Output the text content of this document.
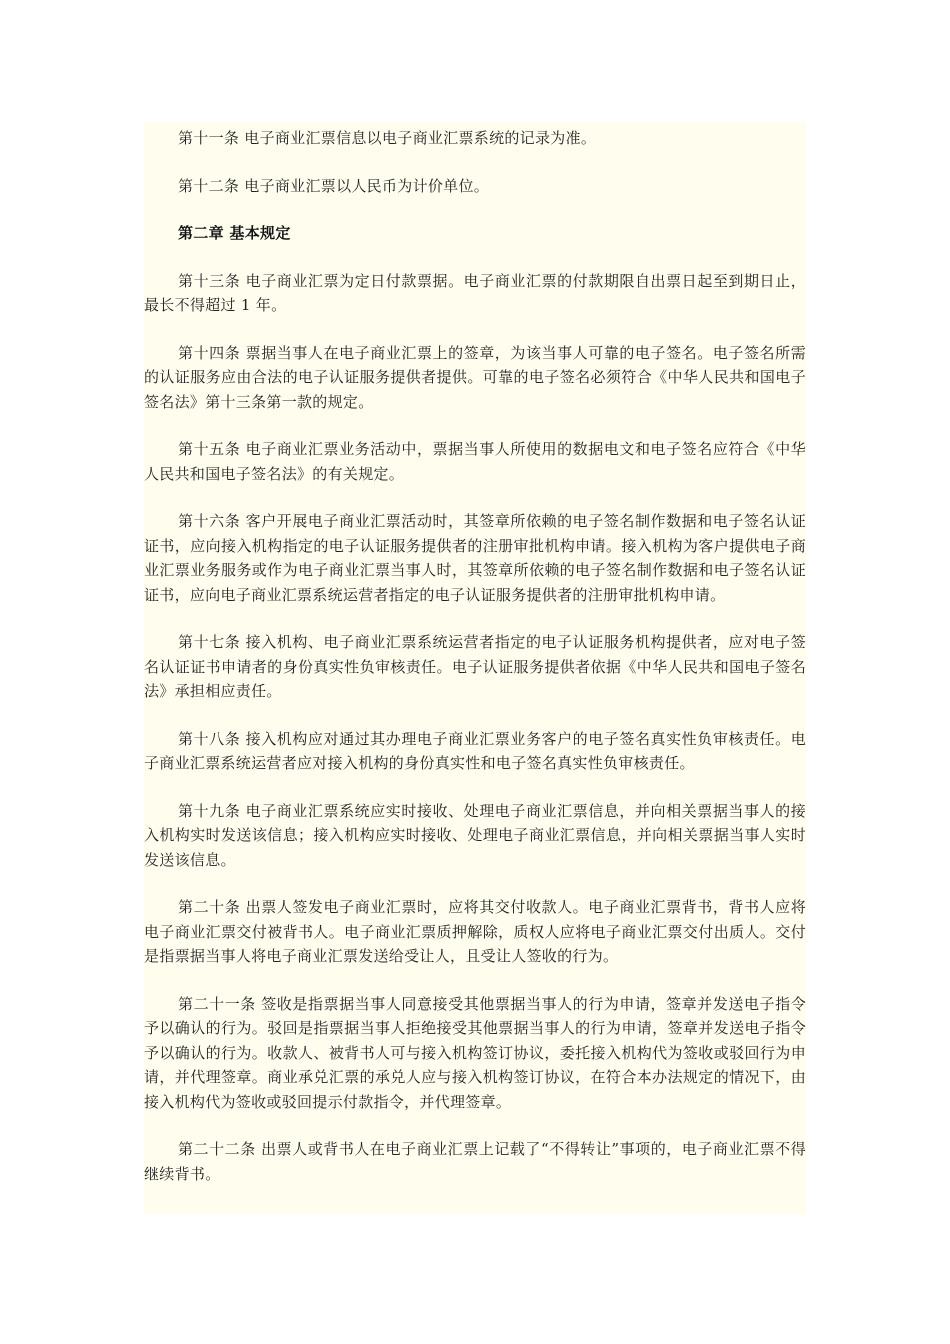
第十一条 电子商业汇票信息以电子商业汇票系统的记录为准。

第十二条 电子商业汇票以人民币为计价单位。

第二章 基本规定

第十三条 电子商业汇票为定日付款票据。电子商业汇票的付款期限自出票日起至到期日止，最长不得超过 1 年。

第十四条 票据当事人在电子商业汇票上的签章，为该当事人可靠的电子签名。电子签名所需的认证服务应由合法的电子认证服务提供者提供。可靠的电子签名必须符合《中华人民共和国电子签名法》第十三条第一款的规定。

第十五条 电子商业汇票业务活动中，票据当事人所使用的数据电文和电子签名应符合《中华人民共和国电子签名法》的有关规定。

第十六条 客户开展电子商业汇票活动时，其签章所依赖的电子签名制作数据和电子签名认证证书，应向接入机构指定的电子认证服务提供者的注册审批机构申请。接入机构为客户提供电子商业汇票业务服务或作为电子商业汇票当事人时，其签章所依赖的电子签名制作数据和电子签名认证证书，应向电子商业汇票系统运营者指定的电子认证服务提供者的注册审批机构申请。

第十七条 接入机构、电子商业汇票系统运营者指定的电子认证服务机构提供者，应对电子签名认证证书申请者的身份真实性负审核责任。电子认证服务提供者依据《中华人民共和国电子签名法》承担相应责任。

第十八条 接入机构应对通过其办理电子商业汇票业务客户的电子签名真实性负审核责任。电子商业汇票系统运营者应对接入机构的身份真实性和电子签名真实性负审核责任。

第十九条 电子商业汇票系统应实时接收、处理电子商业汇票信息，并向相关票据当事人的接入机构实时发送该信息；接入机构应实时接收、处理电子商业汇票信息，并向相关票据当事人实时发送该信息。

第二十条 出票人签发电子商业汇票时，应将其交付收款人。电子商业汇票背书，背书人应将电子商业汇票交付被背书人。电子商业汇票质押解除，质权人应将电子商业汇票交付出质人。交付是指票据当事人将电子商业汇票发送给受让人，且受让人签收的行为。

第二十一条 签收是指票据当事人同意接受其他票据当事人的行为申请，签章并发送电子指令予以确认的行为。驳回是指票据当事人拒绝接受其他票据当事人的行为申请，签章并发送电子指令予以确认的行为。收款人、被背书人可与接入机构签订协议，委托接入机构代为签收或驳回行为申请，并代理签章。商业承兑汇票的承兑人应与接入机构签订协议，在符合本办法规定的情况下，由接入机构代为签收或驳回提示付款指令，并代理签章。

第二十二条 出票人或背书人在电子商业汇票上记载了“不得转让”事项的，电子商业汇票不得继续背书。
